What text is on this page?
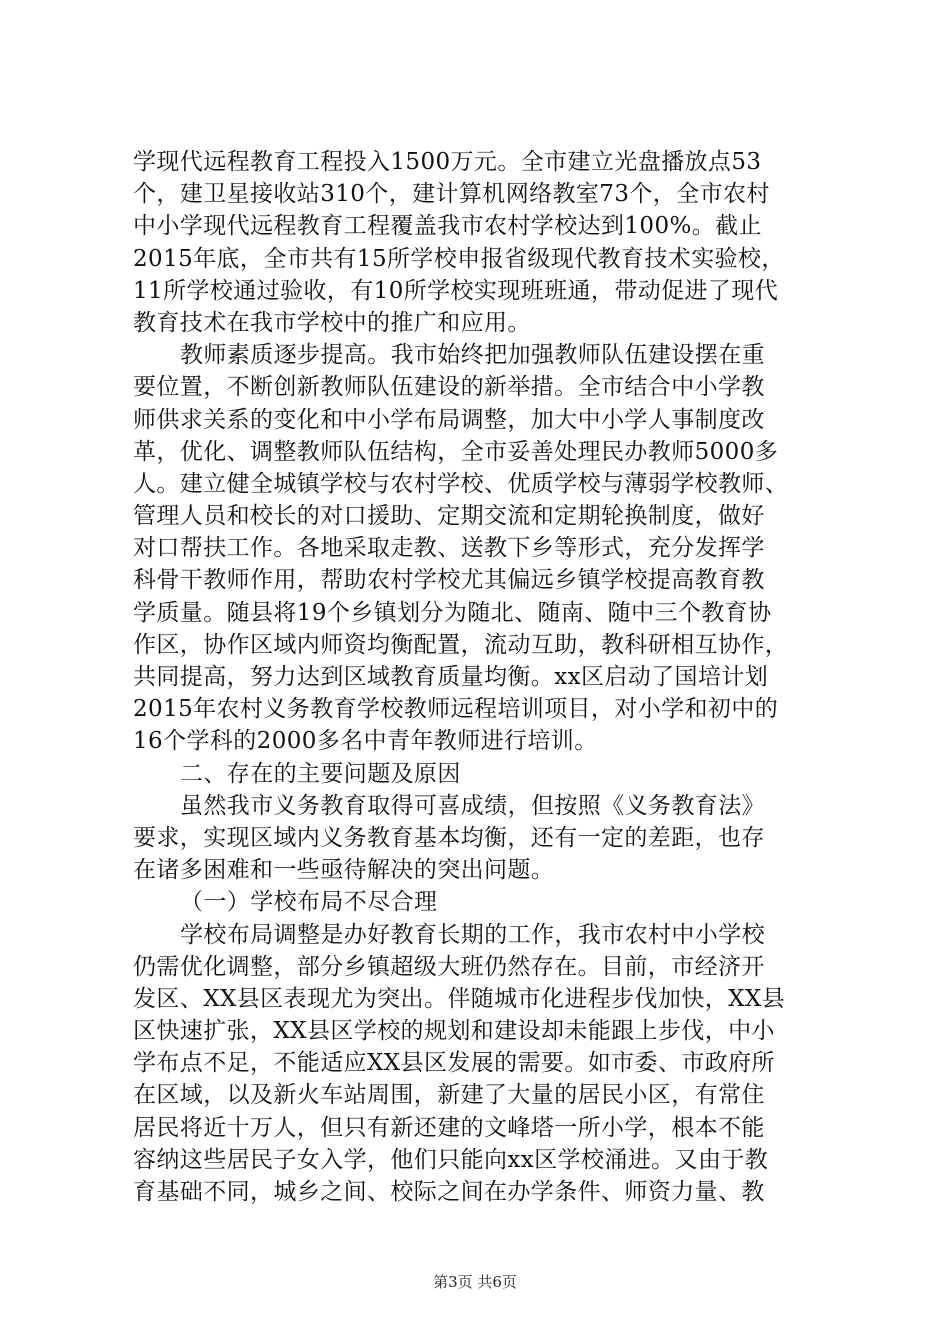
学现代远程教育工程投入1500万元。全市建立光盘播放点53
个，建卫星接收站310个，建计算机网络教室73个，全市农村
中小学现代远程教育工程覆盖我市农村学校达到100%。截止
2015年底，全市共有15所学校申报省级现代教育技术实验校，
11所学校通过验收，有10所学校实现班班通，带动促进了现代
教育技术在我市学校中的推广和应用。
教师素质逐步提高。我市始终把加强教师队伍建设摆在重
要位置，不断创新教师队伍建设的新举措。全市结合中小学教
师供求关系的变化和中小学布局调整，加大中小学人事制度改
革，优化、调整教师队伍结构，全市妥善处理民办教师5000多
人。建立健全城镇学校与农村学校、优质学校与薄弱学校教师、
管理人员和校长的对口援助、定期交流和定期轮换制度，做好
对口帮扶工作。各地采取走教、送教下乡等形式，充分发挥学
科骨干教师作用，帮助农村学校尤其偏远乡镇学校提高教育教
学质量。随县将19个乡镇划分为随北、随南、随中三个教育协
作区，协作区域内师资均衡配置，流动互助，教科研相互协作，
共同提高，努力达到区域教育质量均衡。xx区启动了国培计划
2015年农村义务教育学校教师远程培训项目，对小学和初中的
16个学科的2000多名中青年教师进行培训。
二、存在的主要问题及原因
虽然我市义务教育取得可喜成绩，但按照《义务教育法》
要求，实现区域内义务教育基本均衡，还有一定的差距，也存
在诸多困难和一些亟待解决的突出问题。
（一）学校布局不尽合理
学校布局调整是办好教育长期的工作，我市农村中小学校
仍需优化调整，部分乡镇超级大班仍然存在。目前，市经济开
发区、XX县区表现尤为突出。伴随城市化进程步伐加快，XX县
区快速扩张，XX县区学校的规划和建设却未能跟上步伐，中小
学布点不足，不能适应XX县区发展的需要。如市委、市政府所
在区域，以及新火车站周围，新建了大量的居民小区，有常住
居民将近十万人，但只有新还建的文峰塔一所小学，根本不能
容纳这些居民子女入学，他们只能向xx区学校涌进。又由于教
育基础不同，城乡之间、校际之间在办学条件、师资力量、教
第3页 共6页
